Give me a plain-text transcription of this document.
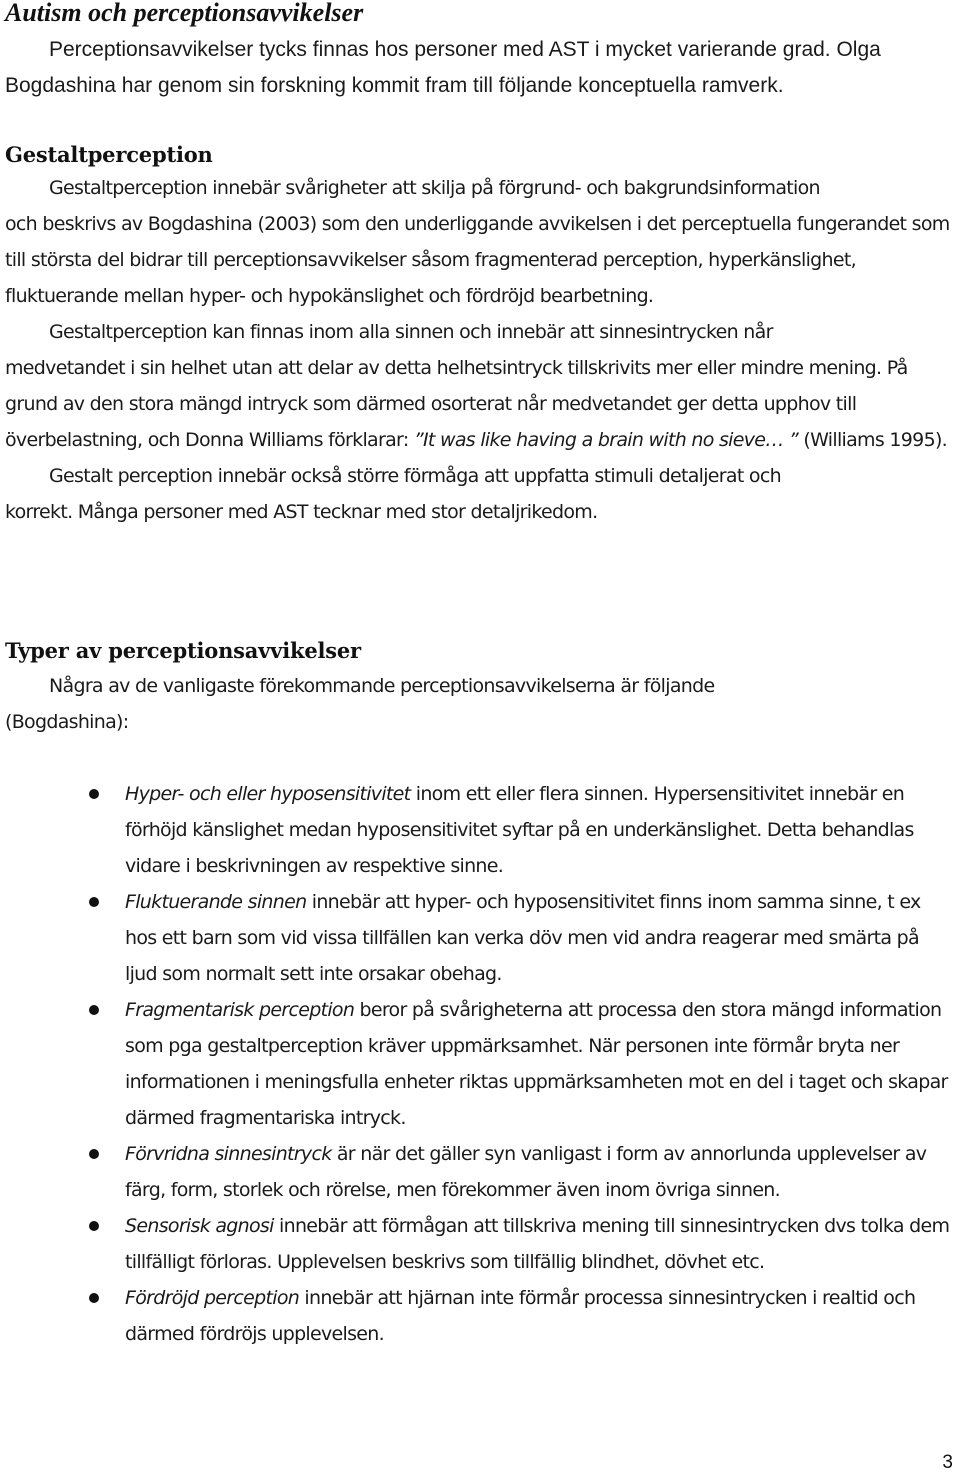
Autism och perceptionsavvikelser
Perceptionsavvikelser tycks finnas hos personer med AST i mycket varierande grad. Olga
Bogdashina har genom sin forskning kommit fram till följande konceptuella ramverk.
Gestaltperception

Gestaltperception innebär svårigheter att skilja på förgrund- och bakgrundsinformation
och beskrivs av Bogdashina (2003) som den underliggande avvikelsen i det perceptuella fungerandet som till största del bidrar till perceptionsavvikelser såsom fragmenterad perception, hyperkänslighet, fluktuerande mellan hyper- och hypokänslighet och fördröjd bearbetning.

Gestaltperception kan finnas inom alla sinnen och innebär att sinnesintrycken når
medvetandet i sin helhet utan att delar av detta helhetsintryck tillskrivits mer eller mindre mening. På grund av den stora mängd intryck som därmed osorterat når medvetandet ger detta upphov till överbelastning, och Donna Williams förklarar: ”It was like having a brain with no sieve… ” (Williams 1995).

Gestalt perception innebär också större förmåga att uppfatta stimuli detaljerat och
korrekt. Många personer med AST tecknar med stor detaljrikedom.

Typer av perceptionsavvikelser

Några av de vanligaste förekommande perceptionsavvikelserna är följande
(Bogdashina):

Hyper- och eller hyposensitivitet inom ett eller flera sinnen. Hypersensitivitet innebär en förhöjd känslighet medan hyposensitivitet syftar på en underkänslighet. Detta behandlas vidare i beskrivningen av respektive sinne.
Fluktuerande sinnen innebär att hyper- och hyposensitivitet finns inom samma sinne, t ex hos ett barn som vid vissa tillfällen kan verka döv men vid andra reagerar med smärta på ljud som normalt sett inte orsakar obehag.
Fragmentarisk perception beror på svårigheterna att processa den stora mängd information som pga gestaltperception kräver uppmärksamhet. När personen inte förmår bryta ner informationen i meningsfulla enheter riktas uppmärksamheten mot en del i taget och skapar därmed fragmentariska intryck.
Förvridna sinnesintryck är när det gäller syn vanligast i form av annorlunda upplevelser av färg, form, storlek och rörelse, men förekommer även inom övriga sinnen.
Sensorisk agnosi innebär att förmågan att tillskriva mening till sinnesintrycken dvs tolka dem tillfälligt förloras. Upplevelsen beskrivs som tillfällig blindhet, dövhet etc.
Fördröjd perception innebär att hjärnan inte förmår processa sinnesintrycken i realtid och därmed fördröjs upplevelsen.
3
